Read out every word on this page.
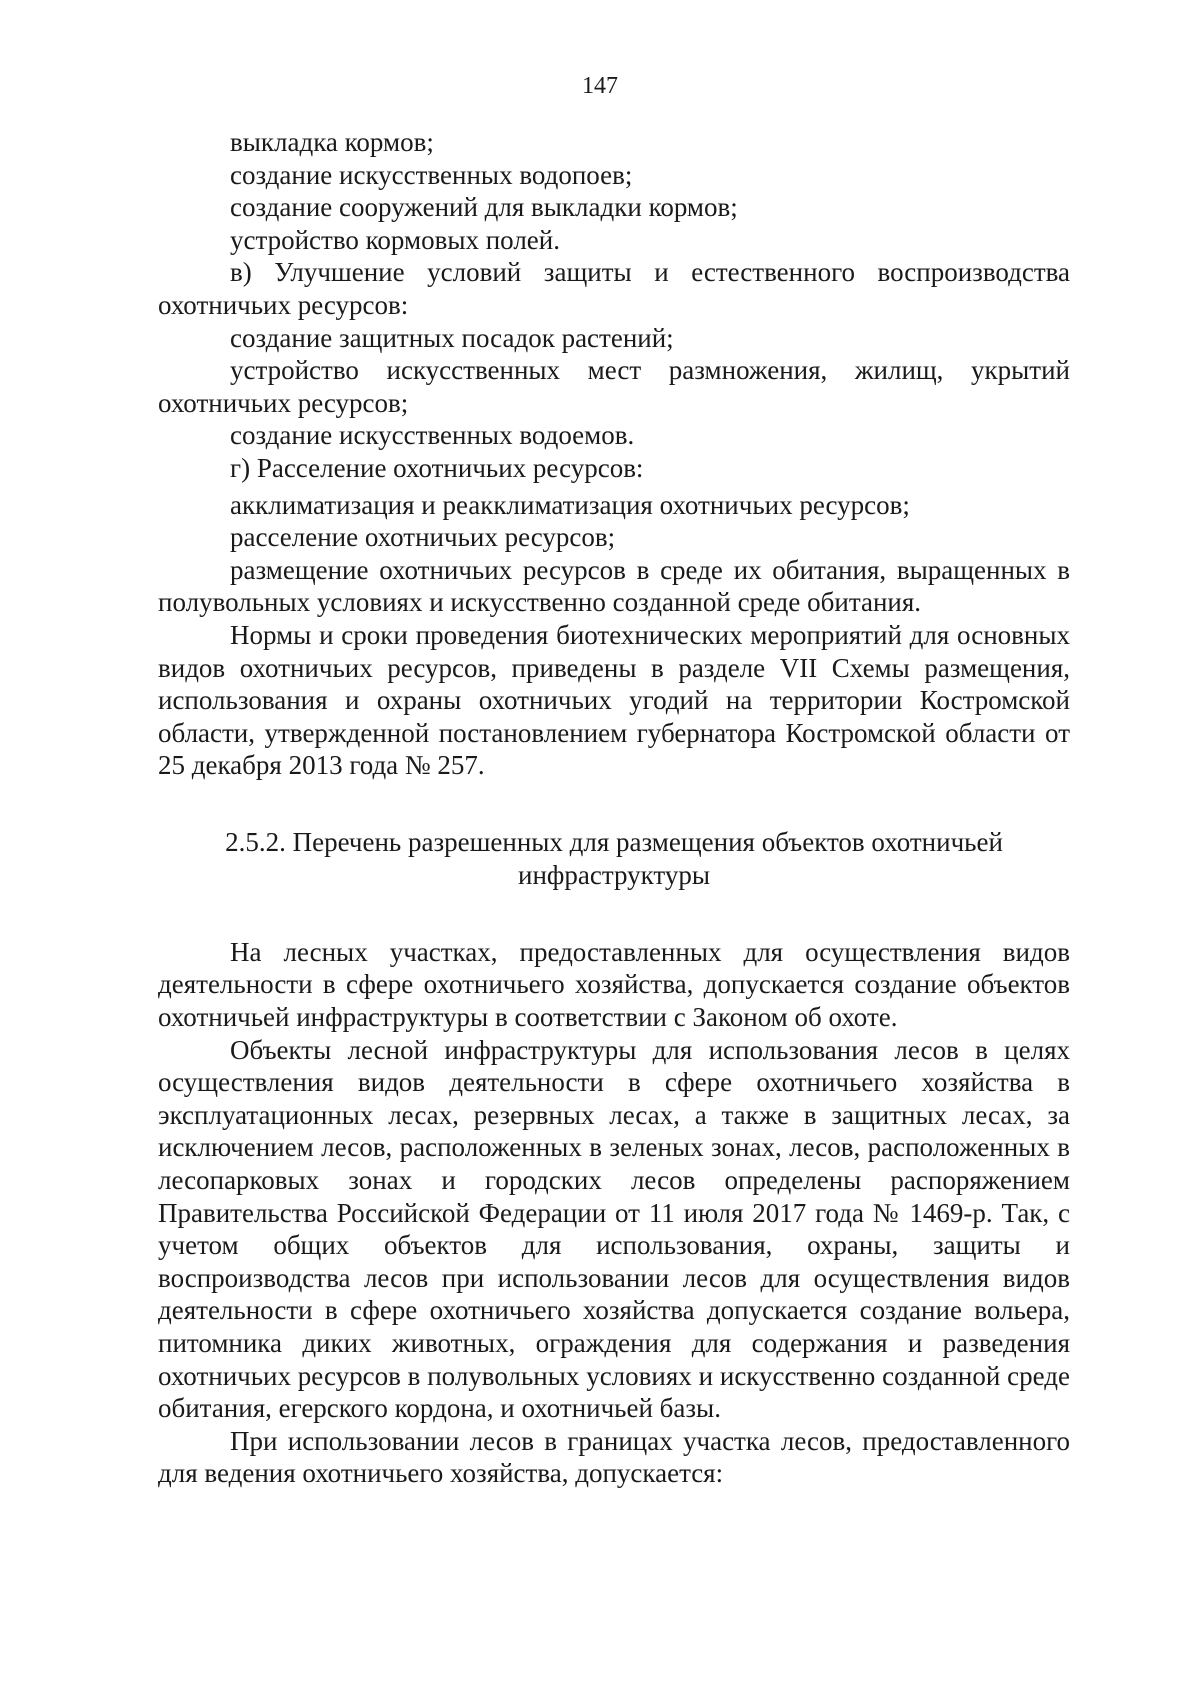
147

выкладка кормов;

создание искусственных водопоев;

создание сооружений для выкладки кормов;

устройство кормовых полей.

в) Улучшение условий защиты и естественного воспроизводства охотничьих ресурсов:

создание защитных посадок растений;

устройство искусственных мест размножения, жилищ, укрытий охотничьих ресурсов;

создание искусственных водоемов.

г) Расселение охотничьих ресурсов:

акклиматизация и реакклиматизация охотничьих ресурсов;

расселение охотничьих ресурсов;

размещение охотничьих ресурсов в среде их обитания, выращенных в полувольных условиях и искусственно созданной среде обитания.

Нормы и сроки проведения биотехнических мероприятий для основных видов охотничьих ресурсов, приведены в разделе VII Схемы размещения, использования и охраны охотничьих угодий на территории Костромской области, утвержденной постановлением губернатора Костромской области от 25 декабря 2013 года № 257.

2.5.2. Перечень разрешенных для размещения объектов охотничьей
инфраструктуры

На лесных участках, предоставленных для осуществления видов деятельности в сфере охотничьего хозяйства, допускается создание объектов охотничьей инфраструктуры в соответствии с Законом об охоте.

Объекты лесной инфраструктуры для использования лесов в целях осуществления видов деятельности в сфере охотничьего хозяйства в эксплуатационных лесах, резервных лесах, а также в защитных лесах, за исключением лесов, расположенных в зеленых зонах, лесов, расположенных в лесопарковых зонах и городских лесов определены распоряжением Правительства Российской Федерации от 11 июля 2017 года № 1469-р. Так, с учетом общих объектов для использования, охраны, защиты и воспроизводства лесов при использовании лесов для осуществления видов деятельности в сфере охотничьего хозяйства допускается создание вольера, питомника диких животных, ограждения для содержания и разведения охотничьих ресурсов в полувольных условиях и искусственно созданной среде обитания, егерского кордона, и охотничьей базы.

При использовании лесов в границах участка лесов, предоставленного для ведения охотничьего хозяйства, допускается:
